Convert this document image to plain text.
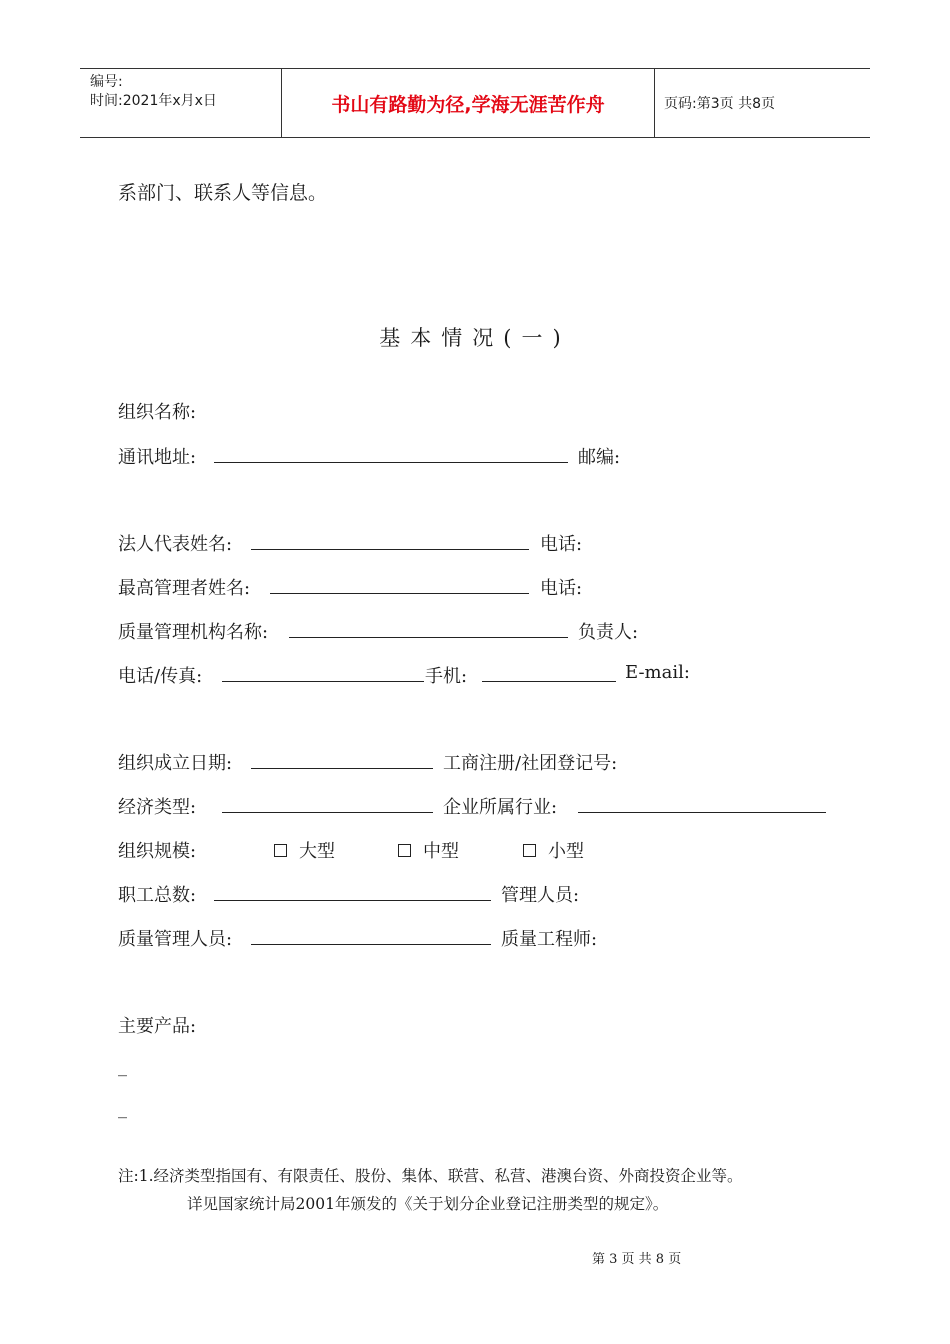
编号:
时间:2021年x月x日	书山有路勤为径,学海无涯苦作舟	页码:第3页 共8页
系部门、联系人等信息。
基本情况(一)
组织名称:
通讯地址:	邮编:
法人代表姓名:	电话:
最高管理者姓名:	电话:
质量管理机构名称:	负责人:
电话/传真:	手机:	E-mail:
组织成立日期:	工商注册/社团登记号:
经济类型:	企业所属行业:
组织规模:	大型	中型	小型
职工总数:	管理人员:
质量管理人员:	质量工程师:
主要产品:
_
_
注:1.经济类型指国有、有限责任、股份、集体、联营、私营、港澳台资、外商投资企业等。
详见国家统计局2001年颁发的《关于划分企业登记注册类型的规定》。
第 3 页 共 8 页
